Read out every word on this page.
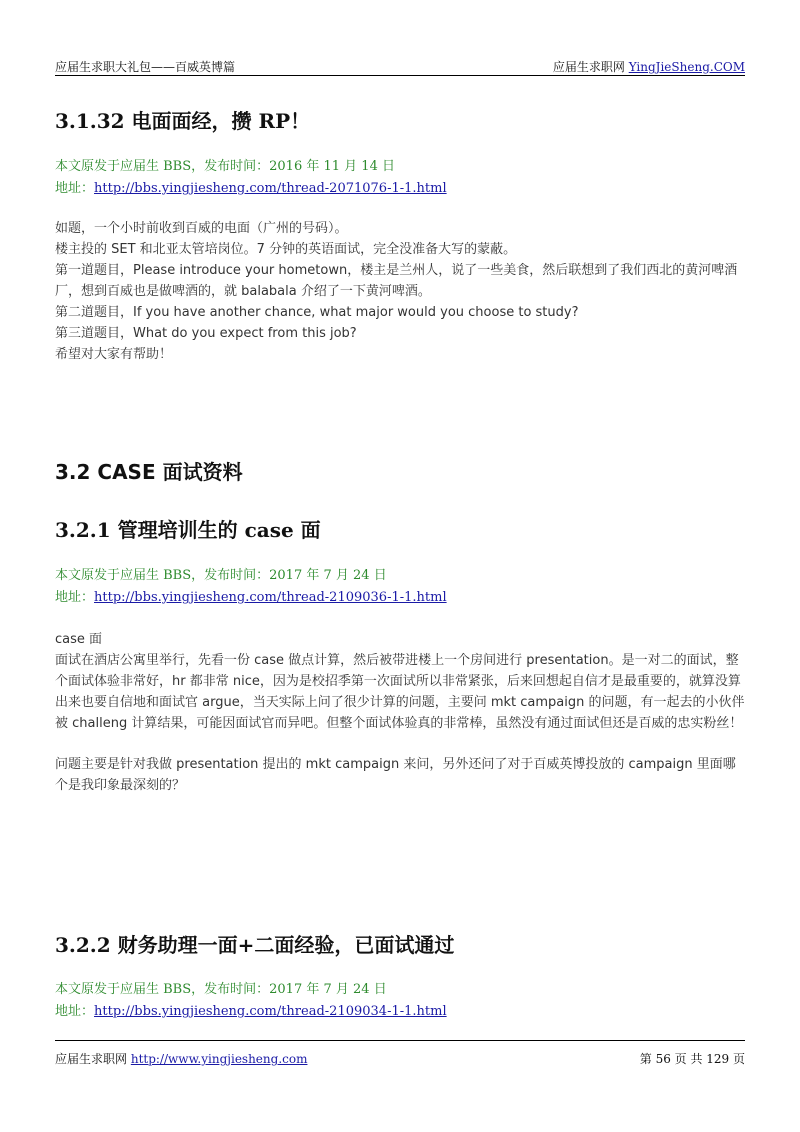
应届生求职大礼包——百威英博篇	应届生求职网 YingJieSheng.COM
3.1.32 电面面经，攒 RP！
本文原发于应届生 BBS，发布时间：2016 年 11 月 14 日
地址：http://bbs.yingjiesheng.com/thread-2071076-1-1.html

如题，一个小时前收到百威的电面（广州的号码）。

楼主投的 SET 和北亚太管培岗位。7 分钟的英语面试，完全没准备大写的蒙蔽。

第一道题目，Please introduce your hometown，楼主是兰州人，说了一些美食，然后联想到了我们西北的黄河啤酒厂，想到百威也是做啤酒的，就 balabala 介绍了一下黄河啤酒。

第二道题目，If you have another chance, what major would you choose to study?

第三道题目，What do you expect from this job?

希望对大家有帮助！

3.2 CASE 面试资料
3.2.1 管理培训生的 case 面
本文原发于应届生 BBS，发布时间：2017 年 7 月 24 日
地址：http://bbs.yingjiesheng.com/thread-2109036-1-1.html

case 面

面试在酒店公寓里举行，先看一份 case 做点计算，然后被带进楼上一个房间进行 presentation。是一对二的面试，整个面试体验非常好，hr 都非常 nice，因为是校招季第一次面试所以非常紧张，后来回想起自信才是最重要的，就算没算出来也要自信地和面试官 argue，当天实际上问了很少计算的问题，主要问 mkt campaign 的问题，有一起去的小伙伴被 challeng 计算结果，可能因面试官而异吧。但整个面试体验真的非常棒，虽然没有通过面试但还是百威的忠实粉丝！

问题主要是针对我做 presentation 提出的 mkt campaign 来问，另外还问了对于百威英博投放的 campaign 里面哪个是我印象最深刻的？

3.2.2 财务助理一面+二面经验，已面试通过
本文原发于应届生 BBS，发布时间：2017 年 7 月 24 日
地址：http://bbs.yingjiesheng.com/thread-2109034-1-1.html
应届生求职网 http://www.yingjiesheng.com	第 56 页 共 129 页
